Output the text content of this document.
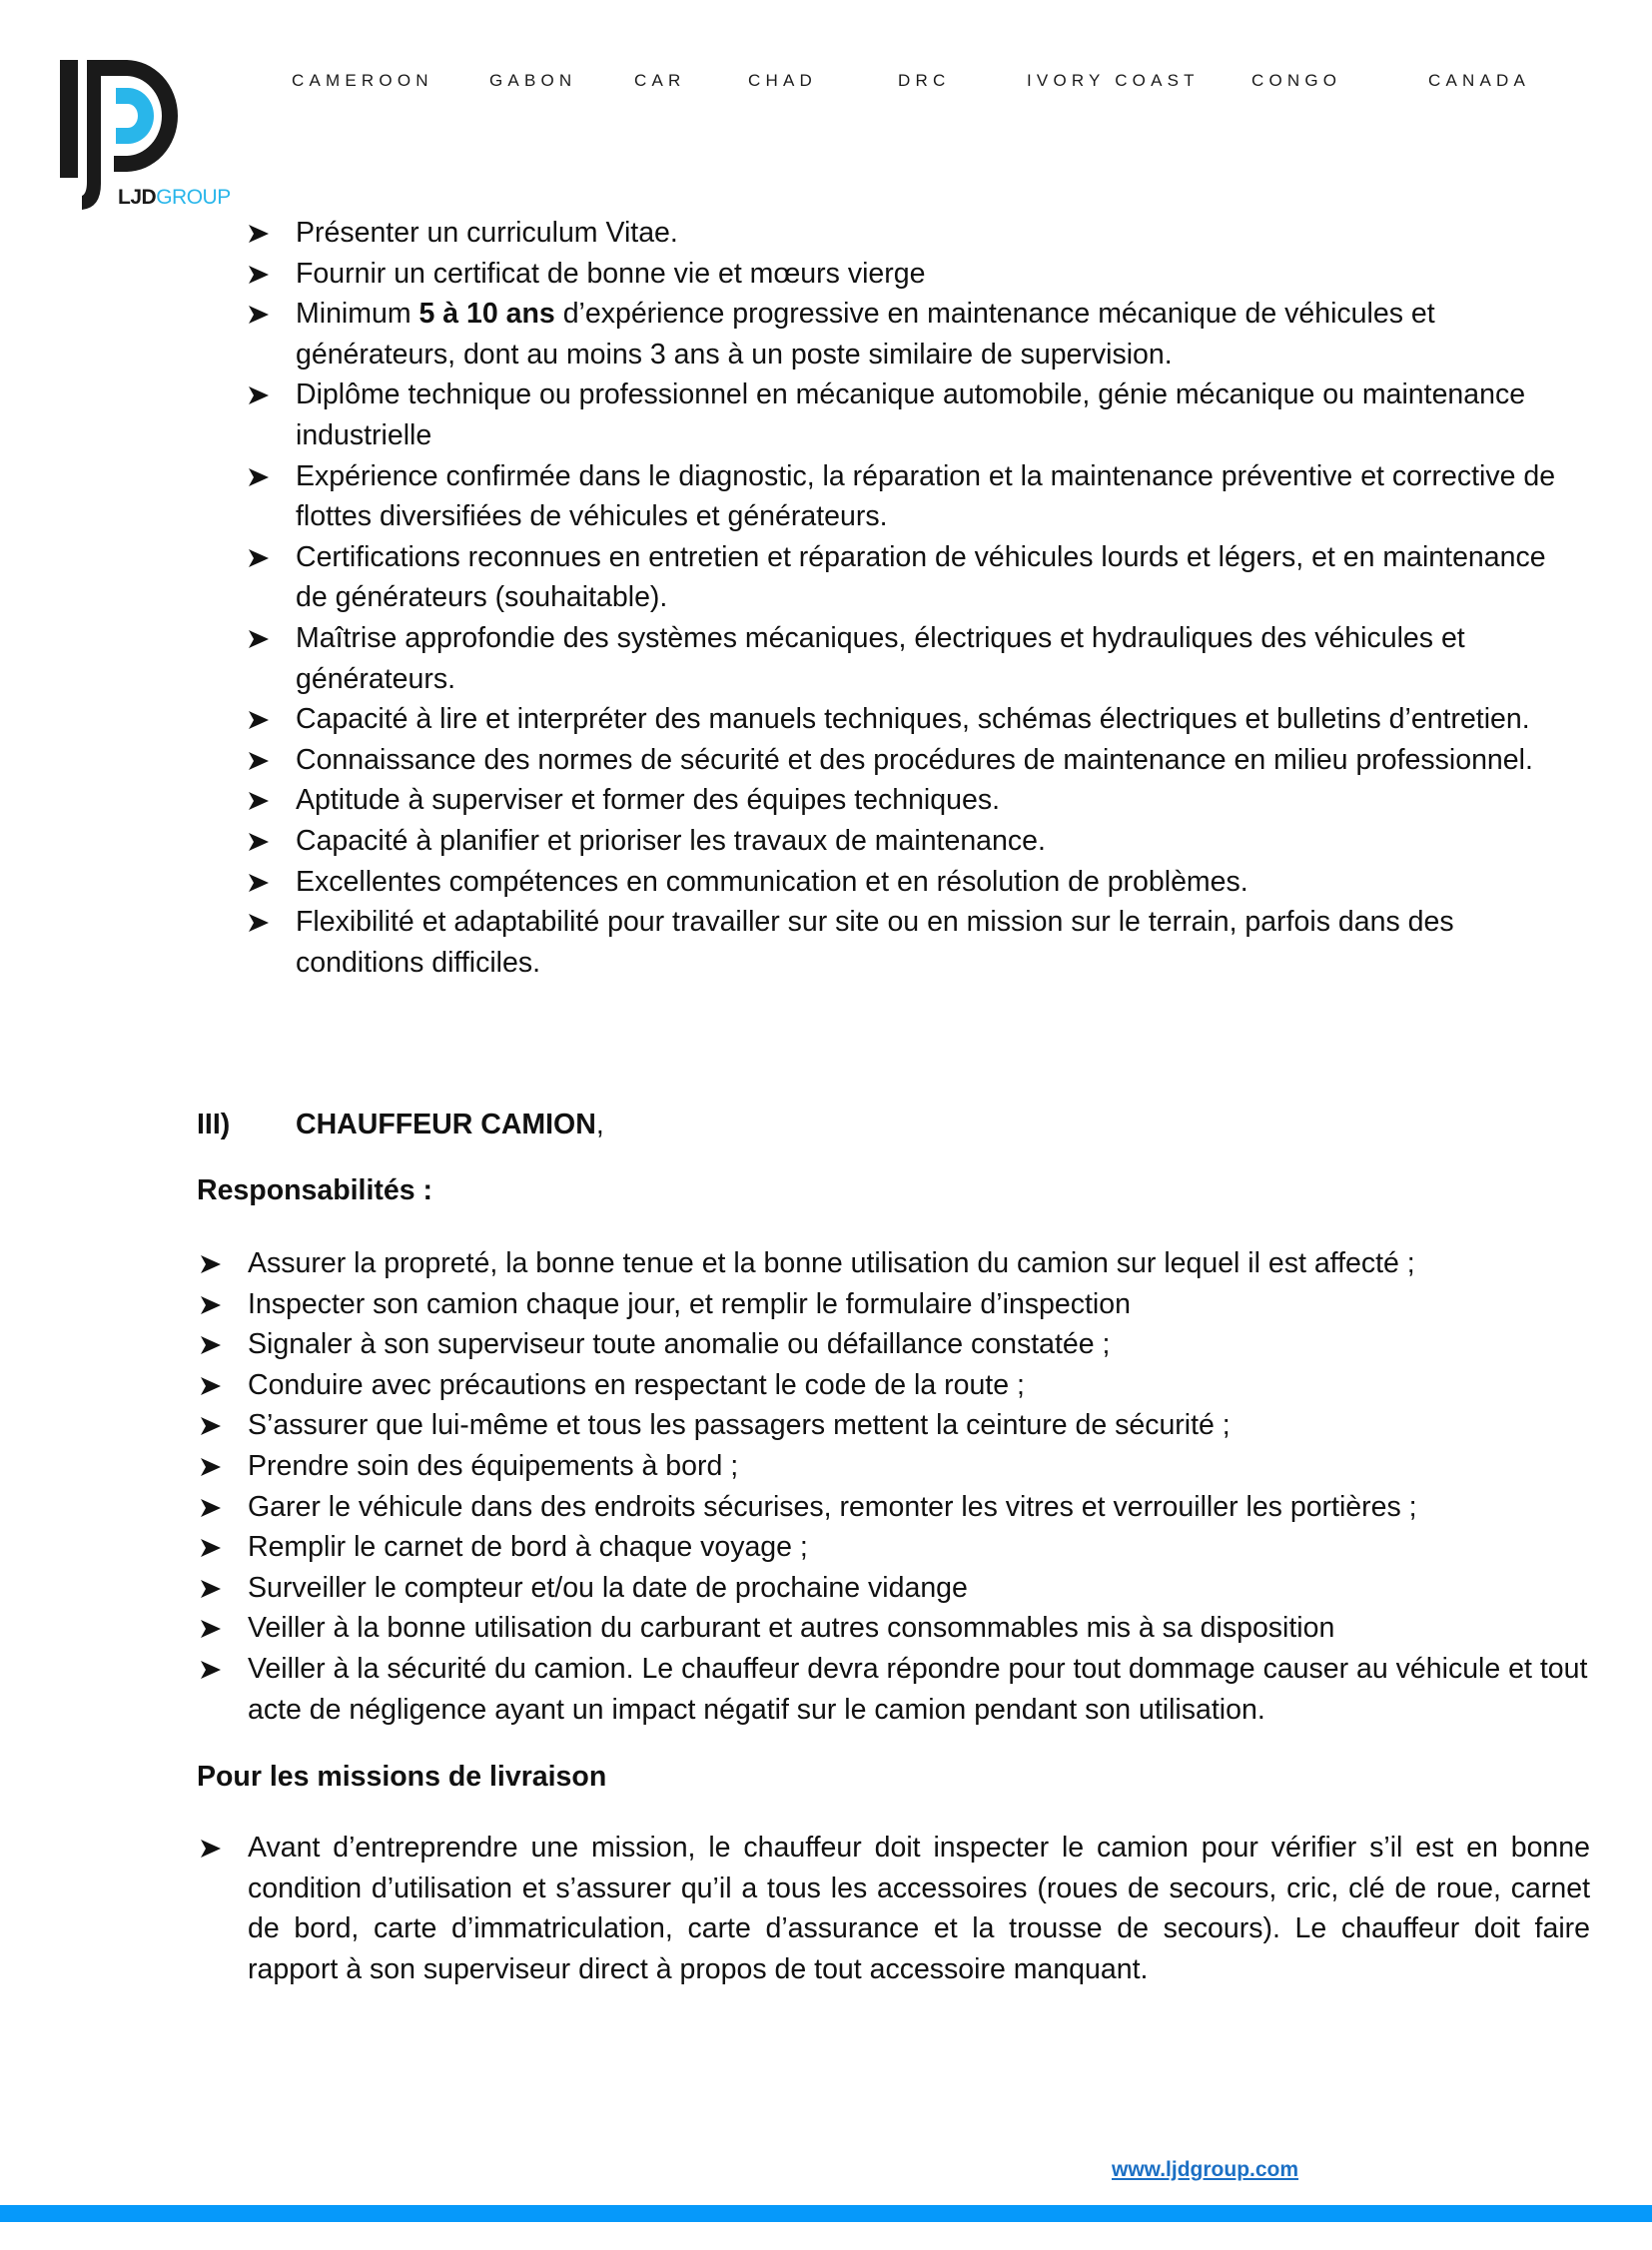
LJDGROUP
CAMEROON	GABON	CAR	CHAD	DRC	IVORY COAST	CONGO	CANADA
Présenter un curriculum Vitae.
Fournir un certificat de bonne vie et mœurs vierge
Minimum 5 à 10 ans d’expérience progressive en maintenance mécanique de véhicules et générateurs, dont au moins 3 ans à un poste similaire de supervision.
Diplôme technique ou professionnel en mécanique automobile, génie mécanique ou maintenance industrielle
Expérience confirmée dans le diagnostic, la réparation et la maintenance préventive et corrective de flottes diversifiées de véhicules et générateurs.
Certifications reconnues en entretien et réparation de véhicules lourds et légers, et en maintenance de générateurs (souhaitable).
Maîtrise approfondie des systèmes mécaniques, électriques et hydrauliques des véhicules et générateurs.
Capacité à lire et interpréter des manuels techniques, schémas électriques et bulletins d’entretien.
Connaissance des normes de sécurité et des procédures de maintenance en milieu professionnel.
Aptitude à superviser et former des équipes techniques.
Capacité à planifier et prioriser les travaux de maintenance.
Excellentes compétences en communication et en résolution de problèmes.
Flexibilité et adaptabilité pour travailler sur site ou en mission sur le terrain, parfois dans des conditions difficiles.
III) CHAUFFEUR CAMION,
Responsabilités :
Assurer la propreté, la bonne tenue et la bonne utilisation du camion sur lequel il est affecté ;
Inspecter son camion chaque jour, et remplir le formulaire d’inspection
Signaler à son superviseur toute anomalie ou défaillance constatée ;
Conduire avec précautions en respectant le code de la route ;
S’assurer que lui-même et tous les passagers mettent la ceinture de sécurité ;
Prendre soin des équipements à bord ;
Garer le véhicule dans des endroits sécurises, remonter les vitres et verrouiller les portières ;
Remplir le carnet de bord à chaque voyage ;
Surveiller le compteur et/ou la date de prochaine vidange
Veiller à la bonne utilisation du carburant et autres consommables mis à sa disposition
Veiller à la sécurité du camion. Le chauffeur devra répondre pour tout dommage causer au véhicule et tout acte de négligence ayant un impact négatif sur le camion pendant son utilisation.
Pour les missions de livraison
Avant d’entreprendre une mission, le chauffeur doit inspecter le camion pour vérifier s’il est en bonne condition d’utilisation et s’assurer qu’il a tous les accessoires (roues de secours, cric, clé de roue, carnet de bord, carte d’immatriculation, carte d’assurance et la trousse de secours). Le chauffeur doit faire rapport à son superviseur direct à propos de tout accessoire manquant.
www.ljdgroup.com
